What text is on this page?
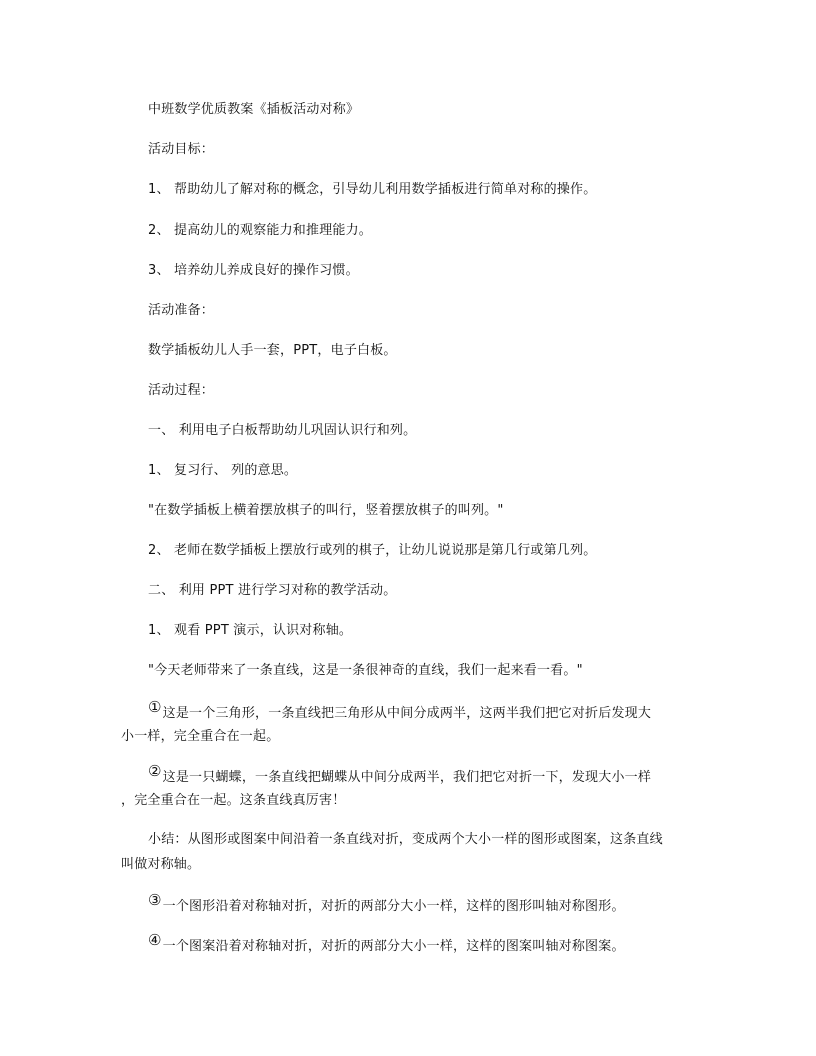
中班数学优质教案《插板活动对称》
活动目标：
1、 帮助幼儿了解对称的概念，引导幼儿利用数学插板进行简单对称的操作。
2、 提高幼儿的观察能力和推理能力。
3、 培养幼儿养成良好的操作习惯。
活动准备：
数学插板幼儿人手一套，PPT，电子白板。
活动过程：
一、 利用电子白板帮助幼儿巩固认识行和列。
1、 复习行、 列的意思。
"在数学插板上横着摆放棋子的叫行，竖着摆放棋子的叫列。"
2、 老师在数学插板上摆放行或列的棋子，让幼儿说说那是第几行或第几列。
二、 利用 PPT 进行学习对称的教学活动。
1、 观看 PPT 演示，认识对称轴。
"今天老师带来了一条直线，这是一条很神奇的直线，我们一起来看一看。"
①这是一个三角形，一条直线把三角形从中间分成两半，这两半我们把它对折后发现大
小一样，完全重合在一起。
②这是一只蝴蝶，一条直线把蝴蝶从中间分成两半，我们把它对折一下，发现大小一样
，完全重合在一起。这条直线真厉害！
小结：从图形或图案中间沿着一条直线对折，变成两个大小一样的图形或图案，这条直线
叫做对称轴。
③一个图形沿着对称轴对折，对折的两部分大小一样，这样的图形叫轴对称图形。
④一个图案沿着对称轴对折，对折的两部分大小一样，这样的图案叫轴对称图案。
